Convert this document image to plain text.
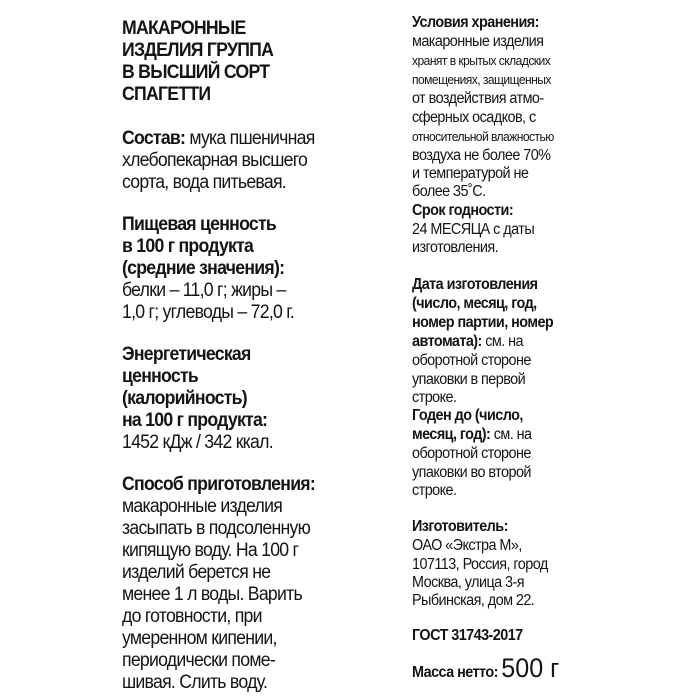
МАКАРОННЫЕ
ИЗДЕЛИЯ ГРУППА
В ВЫСШИЙ СОРТ
СПАГЕТТИ
Состав: мука пшеничная
хлебопекарная высшего
сорта, вода питьевая.
Пищевая ценность
в 100 г продукта
(средние значения):
белки – 11,0 г; жиры –
1,0 г; углеводы – 72,0 г.
Энергетическая
ценность
(калорийность)
на 100 г продукта:
1452 кДж / 342 ккал.
Способ приготовления:
макаронные изделия
засыпать в подсоленную
кипящую воду. На 100 г
изделий берется не
менее 1 л воды. Варить
до готовности, при
умеренном кипении,
периодически поме-
шивая. Слить воду.
Условия хранения:
макаронные изделия
хранят в крытых складских
помещениях, защищенных
от воздействия атмо-
сферных осадков, с
относительной влажностью
воздуха не более 70%
и температурой не
более 35˚С.
Срок годности:
24 МЕСЯЦА с даты
изготовления.
Дата изготовления
(число, месяц, год,
номер партии, номер
автомата): см. на
оборотной стороне
упаковки в первой
строке.
Годен до (число,
месяц, год): см. на
оборотной стороне
упаковки во второй
строке.
Изготовитель:
ОАО «Экстра М»,
107113, Россия, город
Москва, улица 3-я
Рыбинская, дом 22.
ГОСТ 31743-2017
Масса нетто: 500 г
